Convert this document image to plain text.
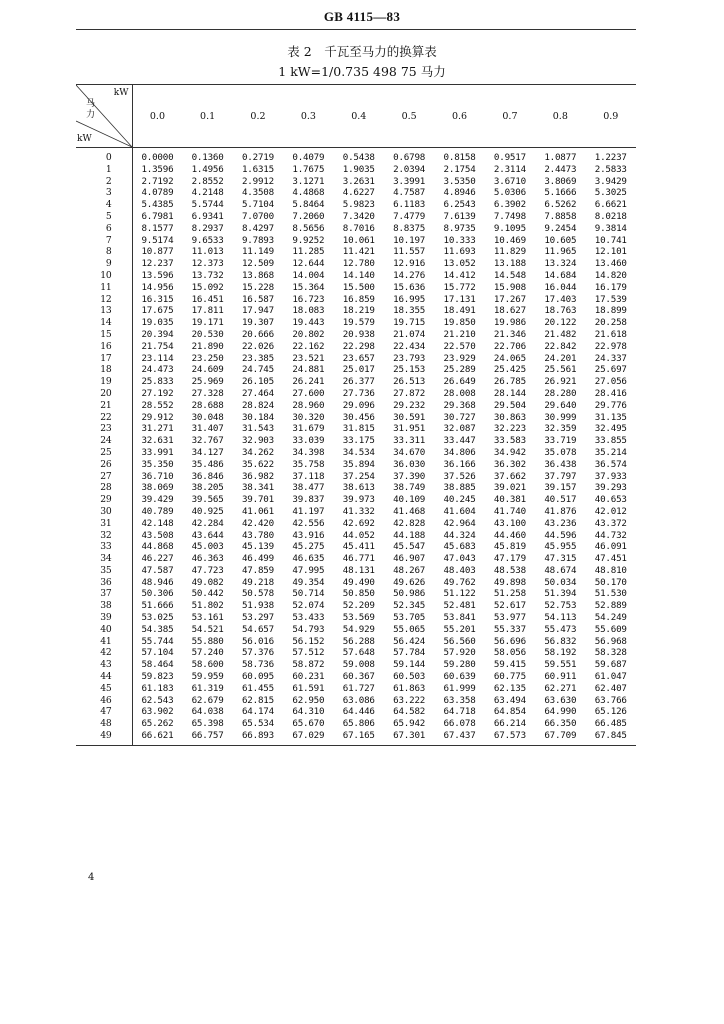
GB 4115—83
表 2　千瓦至马力的换算表
1 kW=1/0.735 498 75 马力
kW
马
力
kW	0.0	0.1	0.2	0.3	0.4	0.5	0.6	0.7	0.8	0.9
0	0.0000	0.1360	0.2719	0.4079	0.5438	0.6798	0.8158	0.9517	1.0877	1.2237
1	1.3596	1.4956	1.6315	1.7675	1.9035	2.0394	2.1754	2.3114	2.4473	2.5833
2	2.7192	2.8552	2.9912	3.1271	3.2631	3.3991	3.5350	3.6710	3.8069	3.9429
3	4.0789	4.2148	4.3508	4.4868	4.6227	4.7587	4.8946	5.0306	5.1666	5.3025
4	5.4385	5.5744	5.7104	5.8464	5.9823	6.1183	6.2543	6.3902	6.5262	6.6621
5	6.7981	6.9341	7.0700	7.2060	7.3420	7.4779	7.6139	7.7498	7.8858	8.0218
6	8.1577	8.2937	8.4297	8.5656	8.7016	8.8375	8.9735	9.1095	9.2454	9.3814
7	9.5174	9.6533	9.7893	9.9252	10.061	10.197	10.333	10.469	10.605	10.741
8	10.877	11.013	11.149	11.285	11.421	11.557	11.693	11.829	11.965	12.101
9	12.237	12.373	12.509	12.644	12.780	12.916	13.052	13.188	13.324	13.460
10	13.596	13.732	13.868	14.004	14.140	14.276	14.412	14.548	14.684	14.820
11	14.956	15.092	15.228	15.364	15.500	15.636	15.772	15.908	16.044	16.179
12	16.315	16.451	16.587	16.723	16.859	16.995	17.131	17.267	17.403	17.539
13	17.675	17.811	17.947	18.083	18.219	18.355	18.491	18.627	18.763	18.899
14	19.035	19.171	19.307	19.443	19.579	19.715	19.850	19.986	20.122	20.258
15	20.394	20.530	20.666	20.802	20.938	21.074	21.210	21.346	21.482	21.618
16	21.754	21.890	22.026	22.162	22.298	22.434	22.570	22.706	22.842	22.978
17	23.114	23.250	23.385	23.521	23.657	23.793	23.929	24.065	24.201	24.337
18	24.473	24.609	24.745	24.881	25.017	25.153	25.289	25.425	25.561	25.697
19	25.833	25.969	26.105	26.241	26.377	26.513	26.649	26.785	26.921	27.056
20	27.192	27.328	27.464	27.600	27.736	27.872	28.008	28.144	28.280	28.416
21	28.552	28.688	28.824	28.960	29.096	29.232	29.368	29.504	29.640	29.776
22	29.912	30.048	30.184	30.320	30.456	30.591	30.727	30.863	30.999	31.135
23	31.271	31.407	31.543	31.679	31.815	31.951	32.087	32.223	32.359	32.495
24	32.631	32.767	32.903	33.039	33.175	33.311	33.447	33.583	33.719	33.855
25	33.991	34.127	34.262	34.398	34.534	34.670	34.806	34.942	35.078	35.214
26	35.350	35.486	35.622	35.758	35.894	36.030	36.166	36.302	36.438	36.574
27	36.710	36.846	36.982	37.118	37.254	37.390	37.526	37.662	37.797	37.933
28	38.069	38.205	38.341	38.477	38.613	38.749	38.885	39.021	39.157	39.293
29	39.429	39.565	39.701	39.837	39.973	40.109	40.245	40.381	40.517	40.653
30	40.789	40.925	41.061	41.197	41.332	41.468	41.604	41.740	41.876	42.012
31	42.148	42.284	42.420	42.556	42.692	42.828	42.964	43.100	43.236	43.372
32	43.508	43.644	43.780	43.916	44.052	44.188	44.324	44.460	44.596	44.732
33	44.868	45.003	45.139	45.275	45.411	45.547	45.683	45.819	45.955	46.091
34	46.227	46.363	46.499	46.635	46.771	46.907	47.043	47.179	47.315	47.451
35	47.587	47.723	47.859	47.995	48.131	48.267	48.403	48.538	48.674	48.810
36	48.946	49.082	49.218	49.354	49.490	49.626	49.762	49.898	50.034	50.170
37	50.306	50.442	50.578	50.714	50.850	50.986	51.122	51.258	51.394	51.530
38	51.666	51.802	51.938	52.074	52.209	52.345	52.481	52.617	52.753	52.889
39	53.025	53.161	53.297	53.433	53.569	53.705	53.841	53.977	54.113	54.249
40	54.385	54.521	54.657	54.793	54.929	55.065	55.201	55.337	55.473	55.609
41	55.744	55.880	56.016	56.152	56.288	56.424	56.560	56.696	56.832	56.968
42	57.104	57.240	57.376	57.512	57.648	57.784	57.920	58.056	58.192	58.328
43	58.464	58.600	58.736	58.872	59.008	59.144	59.280	59.415	59.551	59.687
44	59.823	59.959	60.095	60.231	60.367	60.503	60.639	60.775	60.911	61.047
45	61.183	61.319	61.455	61.591	61.727	61.863	61.999	62.135	62.271	62.407
46	62.543	62.679	62.815	62.950	63.086	63.222	63.358	63.494	63.630	63.766
47	63.902	64.038	64.174	64.310	64.446	64.582	64.718	64.854	64.990	65.126
48	65.262	65.398	65.534	65.670	65.806	65.942	66.078	66.214	66.350	66.485
49	66.621	66.757	66.893	67.029	67.165	67.301	67.437	67.573	67.709	67.845
4
